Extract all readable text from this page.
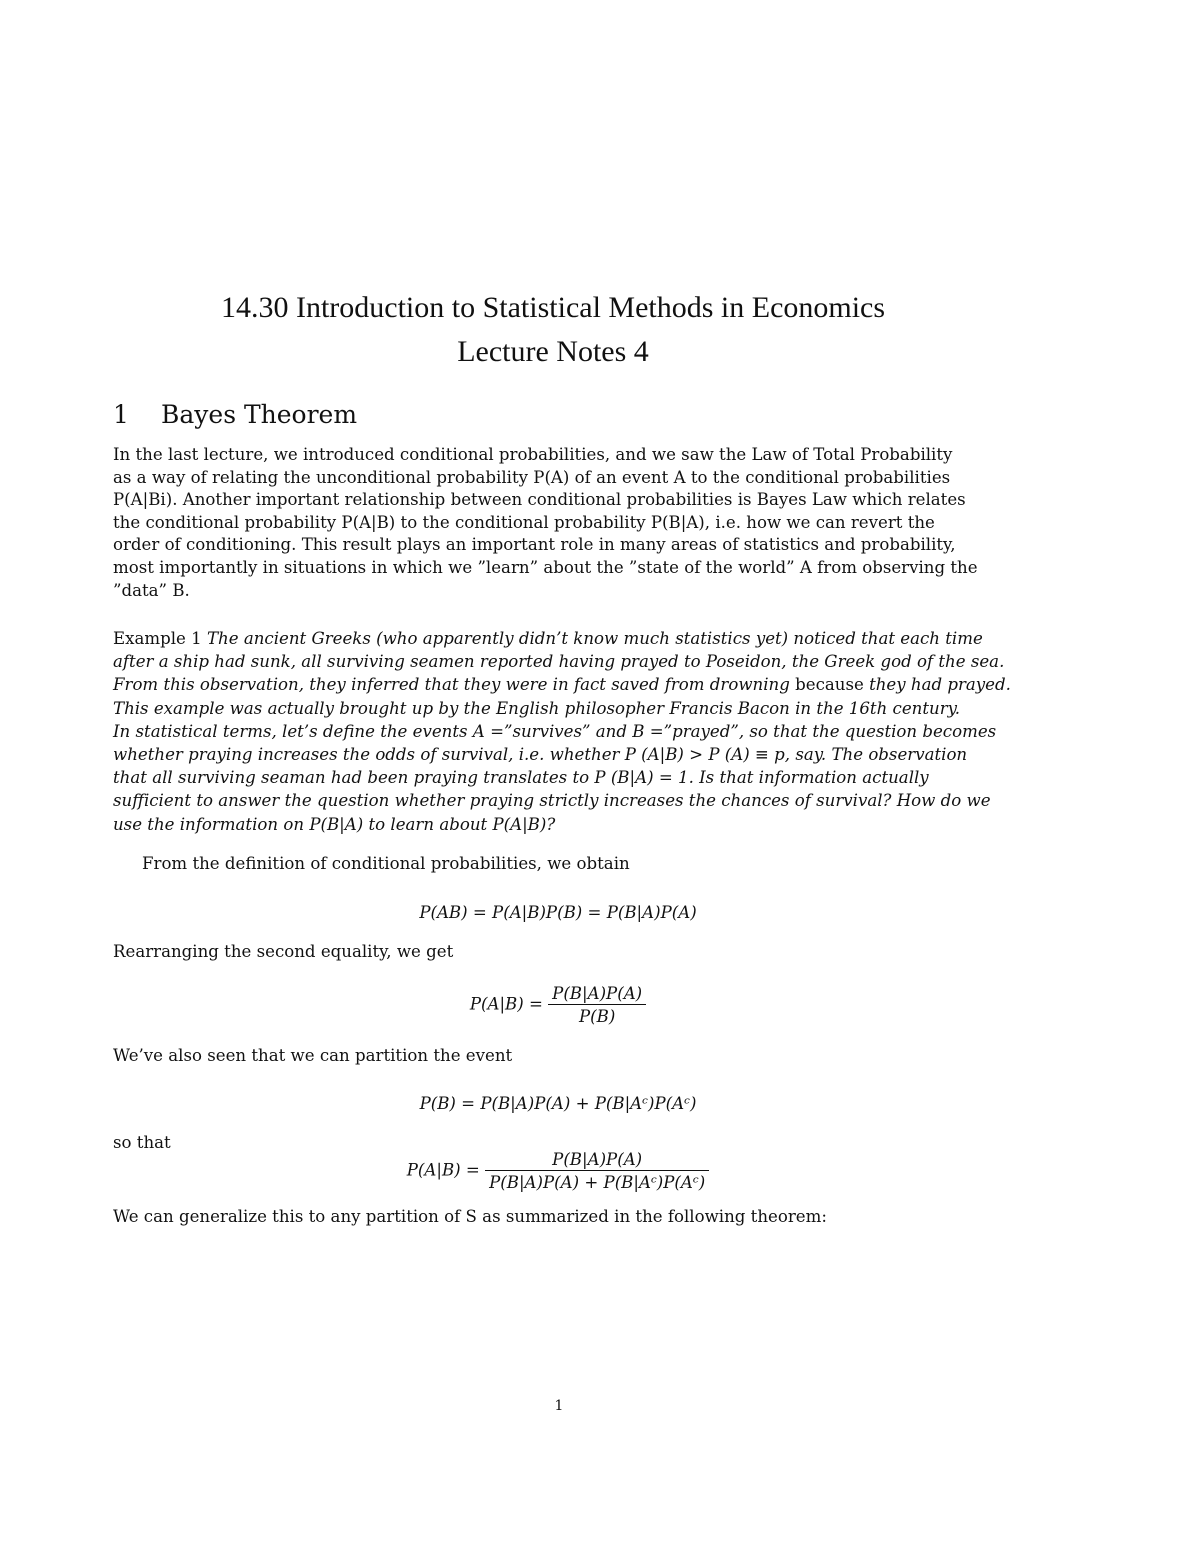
14.30 Introduction to Statistical Methods in Economics
Lecture Notes 4
1 Bayes Theorem
In the last lecture, we introduced conditional probabilities, and we saw the Law of Total Probability
as a way of relating the unconditional probability P(A) of an event A to the conditional probabilities
P(A|Bi). Another important relationship between conditional probabilities is Bayes Law which relates
the conditional probability P(A|B) to the conditional probability P(B|A), i.e. how we can revert the
order of conditioning. This result plays an important role in many areas of statistics and probability,
most importantly in situations in which we ”learn” about the ”state of the world” A from observing the
”data” B.
Example 1 The ancient Greeks (who apparently didn’t know much statistics yet) noticed that each time
after a ship had sunk, all surviving seamen reported having prayed to Poseidon, the Greek god of the sea.
From this observation, they inferred that they were in fact saved from drowning because they had prayed.
This example was actually brought up by the English philosopher Francis Bacon in the 16th century.
In statistical terms, let’s define the events A =”survives” and B =”prayed”, so that the question becomes
whether praying increases the odds of survival, i.e. whether P (A|B) > P (A) ≡ p, say. The observation
that all surviving seaman had been praying translates to P (B|A) = 1. Is that information actually
sufficient to answer the question whether praying strictly increases the chances of survival? How do we
use the information on P(B|A) to learn about P(A|B)?
From the definition of conditional probabilities, we obtain
P(AB) = P(A|B)P(B) = P(B|A)P(A)
Rearranging the second equality, we get
$P(A|B) = \frac{P(B|A)P(A)}{P(B)}$
We’ve also seen that we can partition the event
P(B) = P(B|A)P(A) + P(B|Aᶜ)P(Aᶜ)
so that
$P(A|B) = \frac{P(B|A)P(A)}{\text{P(B|A)P(A) + P(B|Aᶜ)P(Aᶜ)}}$
We can generalize this to any partition of S as summarized in the following theorem:
1
